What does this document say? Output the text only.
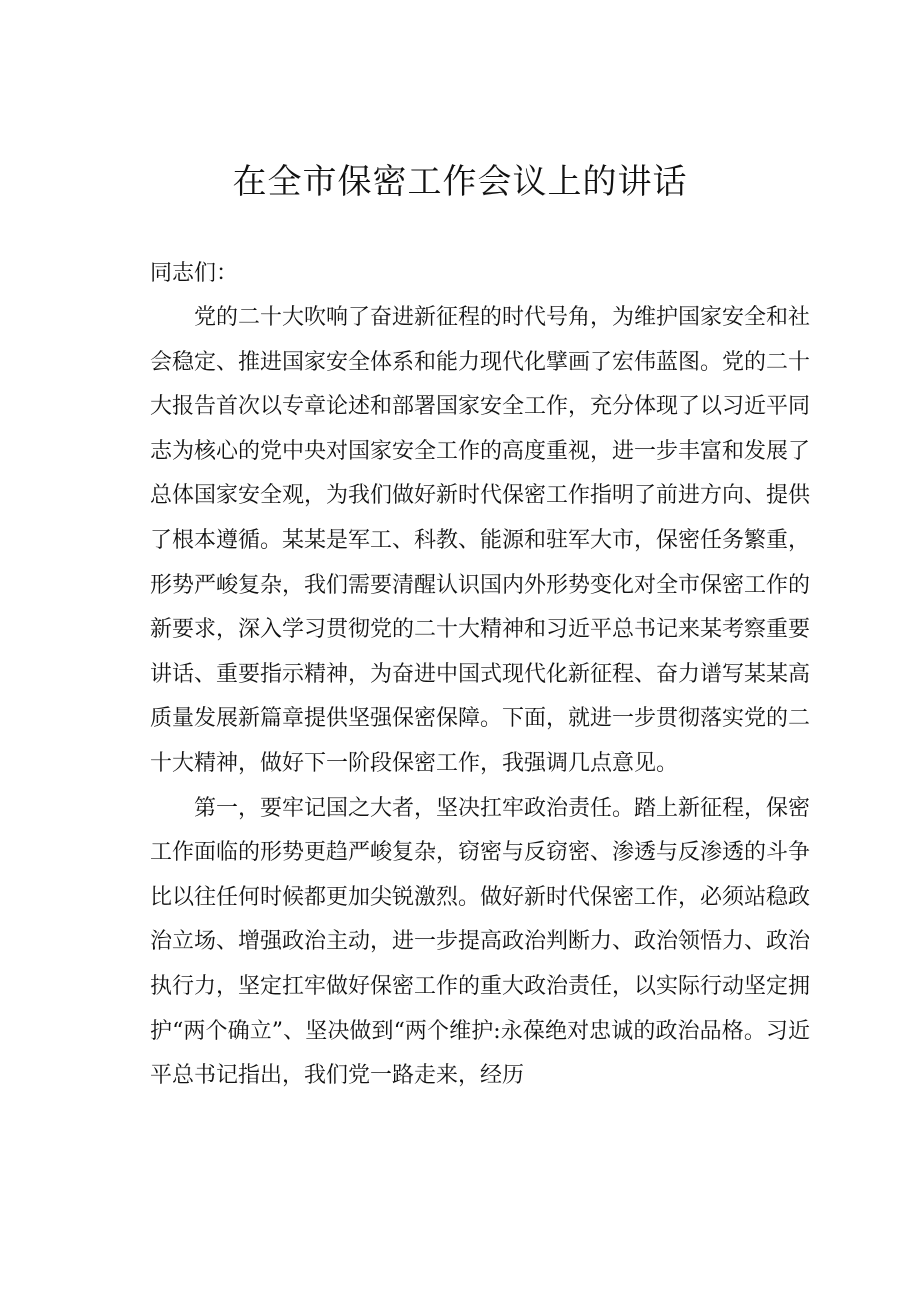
在全市保密工作会议上的讲话

同志们：

党的二十大吹响了奋进新征程的时代号角，为维护国家安全和社会稳定、推进国家安全体系和能力现代化擘画了宏伟蓝图。党的二十大报告首次以专章论述和部署国家安全工作，充分体现了以习近平同志为核心的党中央对国家安全工作的高度重视，进一步丰富和发展了总体国家安全观，为我们做好新时代保密工作指明了前进方向、提供了根本遵循。某某是军工、科教、能源和驻军大市，保密任务繁重，形势严峻复杂，我们需要清醒认识国内外形势变化对全市保密工作的新要求，深入学习贯彻党的二十大精神和习近平总书记来某考察重要讲话、重要指示精神，为奋进中国式现代化新征程、奋力谱写某某高质量发展新篇章提供坚强保密保障。下面，就进一步贯彻落实党的二十大精神，做好下一阶段保密工作，我强调几点意见。

第一，要牢记国之大者，坚决扛牢政治责任。踏上新征程，保密工作面临的形势更趋严峻复杂，窃密与反窃密、渗透与反渗透的斗争比以往任何时候都更加尖锐激烈。做好新时代保密工作，必须站稳政治立场、增强政治主动，进一步提高政治判断力、政治领悟力、政治执行力，坚定扛牢做好保密工作的重大政治责任，以实际行动坚定拥护“两个确立”、坚决做到“两个维护:永葆绝对忠诚的政治品格。习近平总书记指出，我们党一路走来，经历
